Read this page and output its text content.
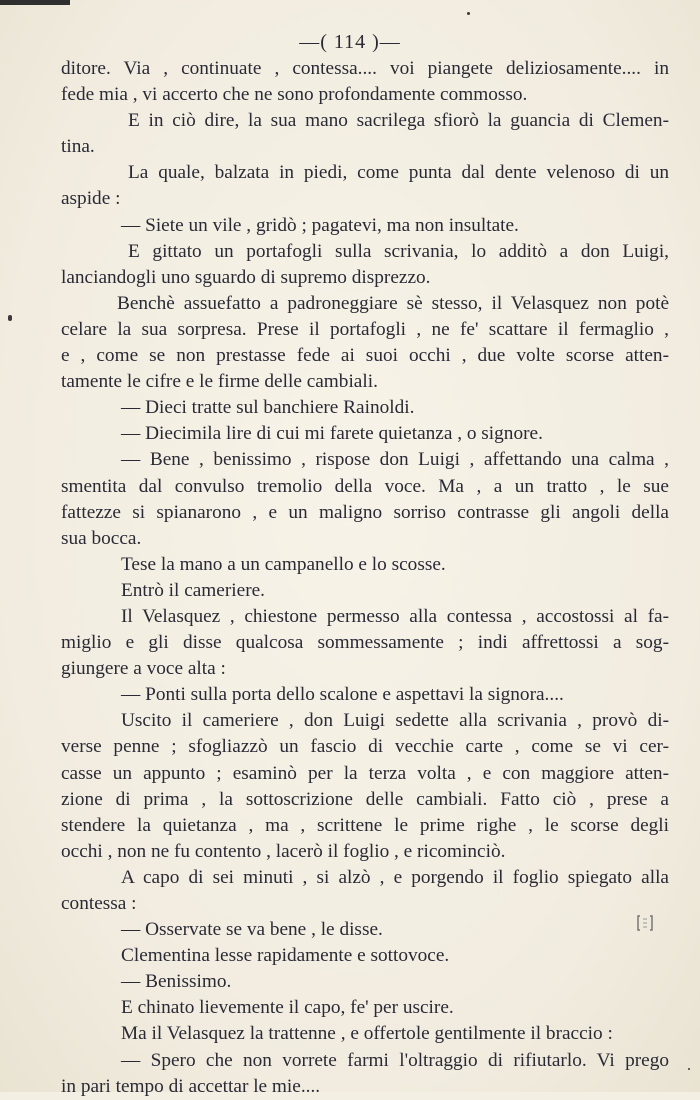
—( 114 )—
ditore. Via , continuate , contessa.... voi piangete deliziosamente.... in
fede mia , vi accerto che ne sono profondamente commosso.
E in ciò dire, la sua mano sacrilega sfiorò la guancia di Clemen-
tina.
La quale, balzata in piedi, come punta dal dente velenoso di un
aspide :
— Siete un vile , gridò ; pagatevi, ma non insultate.
E gittato un portafogli sulla scrivania, lo additò a don Luigi,
lanciandogli uno sguardo di supremo disprezzo.
Benchè assuefatto a padroneggiare sè stesso, il Velasquez non potè
celare la sua sorpresa. Prese il portafogli , ne fe' scattare il fermaglio ,
e , come se non prestasse fede ai suoi occhi , due volte scorse atten-
tamente le cifre e le firme delle cambiali.
— Dieci tratte sul banchiere Rainoldi.
— Diecimila lire di cui mi farete quietanza , o signore.
— Bene , benissimo , rispose don Luigi , affettando una calma ,
smentita dal convulso tremolio della voce. Ma , a un tratto , le sue
fattezze si spianarono , e un maligno sorriso contrasse gli angoli della
sua bocca.
Tese la mano a un campanello e lo scosse.
Entrò il cameriere.
Il Velasquez , chiestone permesso alla contessa , accostossi al fa-
miglio e gli disse qualcosa sommessamente ; indi affrettossi a sog-
giungere a voce alta :
— Ponti sulla porta dello scalone e aspettavi la signora....
Uscito il cameriere , don Luigi sedette alla scrivania , provò di-
verse penne ; sfogliazzò un fascio di vecchie carte , come se vi cer-
casse un appunto ; esaminò per la terza volta , e con maggiore atten-
zione di prima , la sottoscrizione delle cambiali. Fatto ciò , prese a
stendere la quietanza , ma , scrittene le prime righe , le scorse degli
occhi , non ne fu contento , lacerò il foglio , e ricominciò.
A capo di sei minuti , si alzò , e porgendo il foglio spiegato alla
contessa :
— Osservate se va bene , le disse.
Clementina lesse rapidamente e sottovoce.
— Benissimo.
E chinato lievemente il capo, fe' per uscire.
Ma il Velasquez la trattenne , e offertole gentilmente il braccio :
— Spero che non vorrete farmi l'oltraggio di rifiutarlo. Vi prego
in pari tempo di accettar le mie....
